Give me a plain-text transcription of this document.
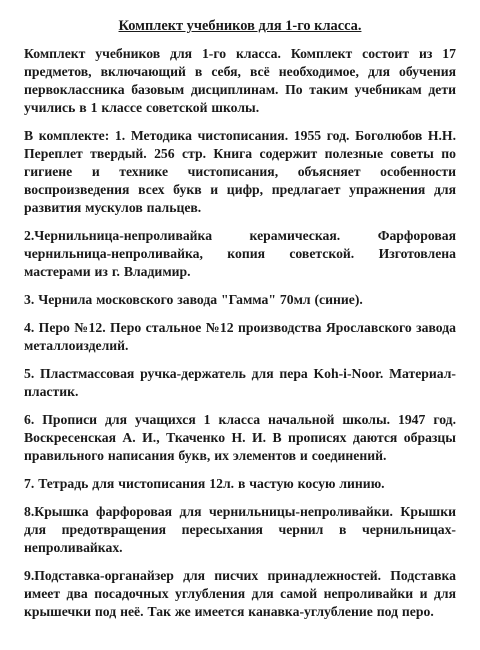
Комплект учебников для 1-го класса.

Комплект учебников для 1-го класса. Комплект состоит из 17 предметов, включающий в себя, всё необходимое, для обучения первоклассника базовым дисциплинам. По таким учебникам дети учились в 1 классе советской школы.

В комплекте: 1. Методика чистописания. 1955 год. Боголюбов Н.Н. Переплет твердый. 256 стр. Книга содержит полезные советы по гигиене и технике чистописания, объясняет особенности воспроизведения всех букв и цифр, предлагает упражнения для развития мускулов пальцев.

2.Чернильница-непроливайка керамическая. Фарфоровая чернильница-непроливайка, копия советской. Изготовлена мастерами из г. Владимир.

3. Чернила московского завода "Гамма" 70мл (синие).

4. Перо №12. Перо стальное №12 производства Ярославского завода металлоизделий.

5. Пластмассовая ручка-держатель для пера Koh-i-Noor. Материал-пластик.

6. Прописи для учащихся 1 класса начальной школы. 1947 год. Воскресенская А. И., Ткаченко Н. И. В прописях даются образцы правильного написания букв, их элементов и соединений.

7. Тетрадь для чистописания 12л. в частую косую линию.

8.Крышка фарфоровая для чернильницы-непроливайки. Крышки для предотвращения пересыхания чернил в чернильницах-непроливайках.

9.Подставка-органайзер для писчих принадлежностей. Подставка имеет два посадочных углубления для самой непроливайки и для крышечки под неё. Так же имеется канавка-углубление под перо.
